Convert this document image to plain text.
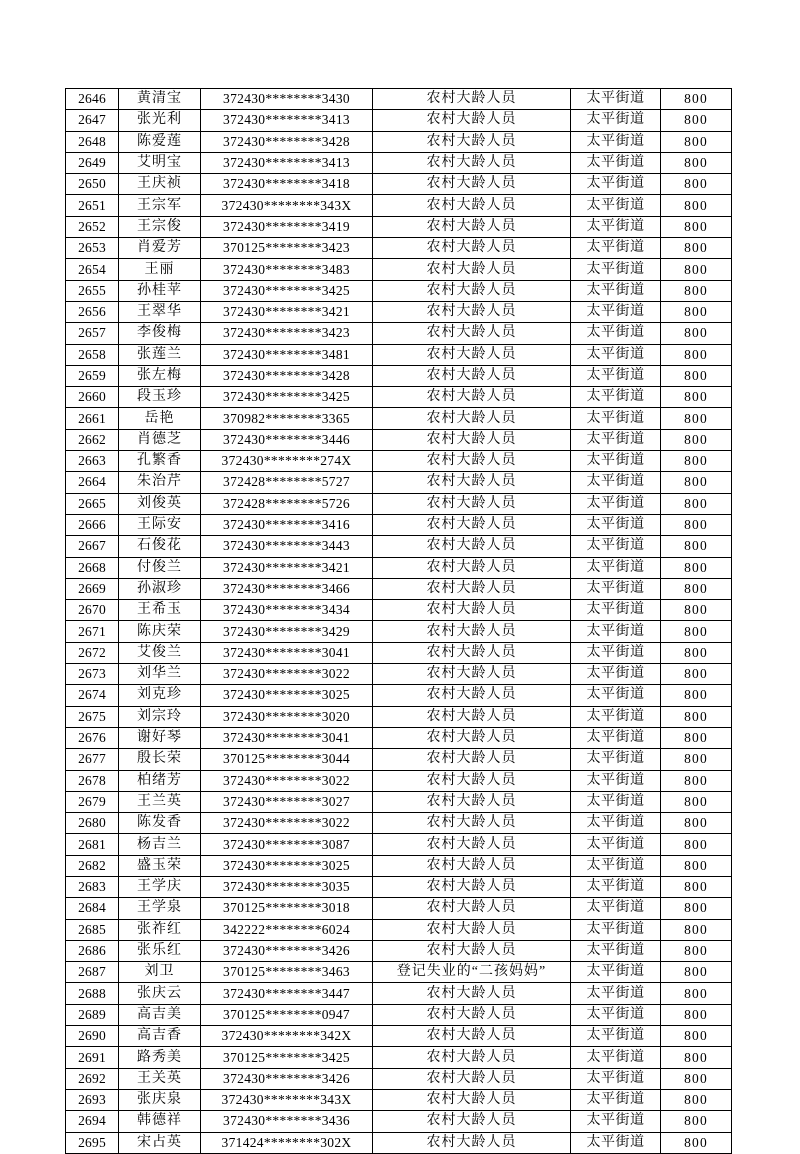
2646	黄清宝	372430********3430	农村大龄人员	太平街道	800
2647	张光利	372430********3413	农村大龄人员	太平街道	800
2648	陈爱莲	372430********3428	农村大龄人员	太平街道	800
2649	艾明宝	372430********3413	农村大龄人员	太平街道	800
2650	王庆祯	372430********3418	农村大龄人员	太平街道	800
2651	王宗军	372430********343X	农村大龄人员	太平街道	800
2652	王宗俊	372430********3419	农村大龄人员	太平街道	800
2653	肖爱芳	370125********3423	农村大龄人员	太平街道	800
2654	王丽	372430********3483	农村大龄人员	太平街道	800
2655	孙桂苹	372430********3425	农村大龄人员	太平街道	800
2656	王翠华	372430********3421	农村大龄人员	太平街道	800
2657	李俊梅	372430********3423	农村大龄人员	太平街道	800
2658	张莲兰	372430********3481	农村大龄人员	太平街道	800
2659	张左梅	372430********3428	农村大龄人员	太平街道	800
2660	段玉珍	372430********3425	农村大龄人员	太平街道	800
2661	岳艳	370982********3365	农村大龄人员	太平街道	800
2662	肖德芝	372430********3446	农村大龄人员	太平街道	800
2663	孔繁香	372430********274X	农村大龄人员	太平街道	800
2664	朱治芹	372428********5727	农村大龄人员	太平街道	800
2665	刘俊英	372428********5726	农村大龄人员	太平街道	800
2666	王际安	372430********3416	农村大龄人员	太平街道	800
2667	石俊花	372430********3443	农村大龄人员	太平街道	800
2668	付俊兰	372430********3421	农村大龄人员	太平街道	800
2669	孙淑珍	372430********3466	农村大龄人员	太平街道	800
2670	王希玉	372430********3434	农村大龄人员	太平街道	800
2671	陈庆荣	372430********3429	农村大龄人员	太平街道	800
2672	艾俊兰	372430********3041	农村大龄人员	太平街道	800
2673	刘华兰	372430********3022	农村大龄人员	太平街道	800
2674	刘克珍	372430********3025	农村大龄人员	太平街道	800
2675	刘宗玲	372430********3020	农村大龄人员	太平街道	800
2676	谢好琴	372430********3041	农村大龄人员	太平街道	800
2677	殷长荣	370125********3044	农村大龄人员	太平街道	800
2678	柏绪芳	372430********3022	农村大龄人员	太平街道	800
2679	王兰英	372430********3027	农村大龄人员	太平街道	800
2680	陈发香	372430********3022	农村大龄人员	太平街道	800
2681	杨吉兰	372430********3087	农村大龄人员	太平街道	800
2682	盛玉荣	372430********3025	农村大龄人员	太平街道	800
2683	王学庆	372430********3035	农村大龄人员	太平街道	800
2684	王学泉	370125********3018	农村大龄人员	太平街道	800
2685	张祚红	342222********6024	农村大龄人员	太平街道	800
2686	张乐红	372430********3426	农村大龄人员	太平街道	800
2687	刘卫	370125********3463	登记失业的“二孩妈妈”	太平街道	800
2688	张庆云	372430********3447	农村大龄人员	太平街道	800
2689	高吉美	370125********0947	农村大龄人员	太平街道	800
2690	高吉香	372430********342X	农村大龄人员	太平街道	800
2691	路秀美	370125********3425	农村大龄人员	太平街道	800
2692	王关英	372430********3426	农村大龄人员	太平街道	800
2693	张庆泉	372430********343X	农村大龄人员	太平街道	800
2694	韩德祥	372430********3436	农村大龄人员	太平街道	800
2695	宋占英	371424********302X	农村大龄人员	太平街道	800
